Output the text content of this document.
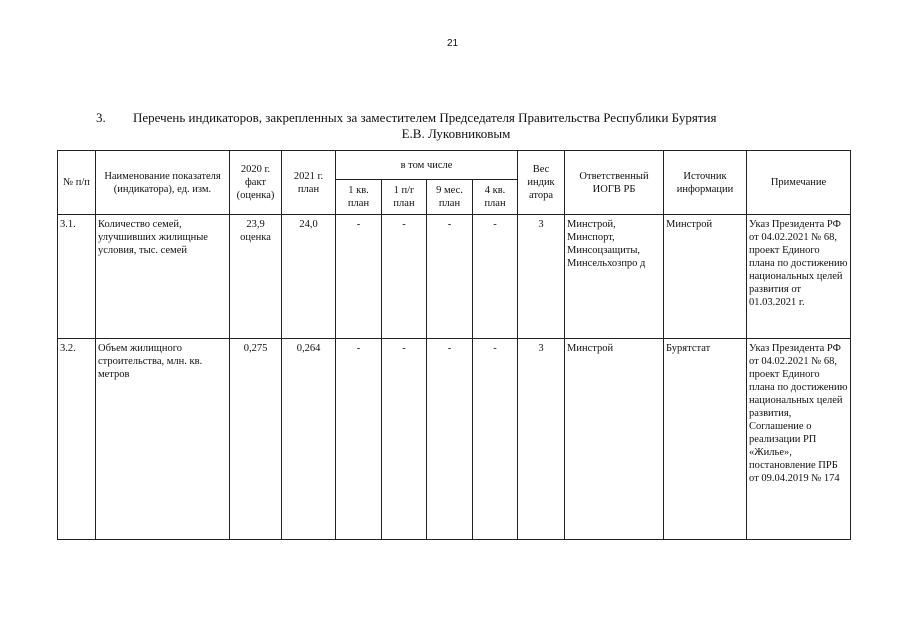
21
3. Перечень индикаторов, закрепленных за заместителем Председателя Правительства Республики Бурятия
Е.В. Луковниковым
№ п/п	Наименование показателя (индикатора), ед. изм.	2020 г. факт (оценка)	2021 г. план	в том числе				Вес индик атора	Ответственный ИОГВ РБ	Источник информации	Примечание
				1 кв. план	1 п/г план	9 мес. план	4 кв. план				
3.1.	Количество семей, улучшивших жилищные условия, тыс. семей	23,9 оценка	24,0	-	-	-	-	3	Минстрой, Минспорт, Минсоцзащиты, Минсельхозпро д	Минстрой	Указ Президента РФ от 04.02.2021 № 68, проект Единого плана по достижению национальных целей развития от 01.03.2021 г.
3.2.	Объем жилищного строительства, млн. кв. метров	0,275	0,264	-	-	-	-	3	Минстрой	Бурятстат	Указ Президента РФ от 04.02.2021 № 68, проект Единого плана по достижению национальных целей развития, Соглашение о реализации РП «Жилье», постановление ПРБ от 09.04.2019 № 174
